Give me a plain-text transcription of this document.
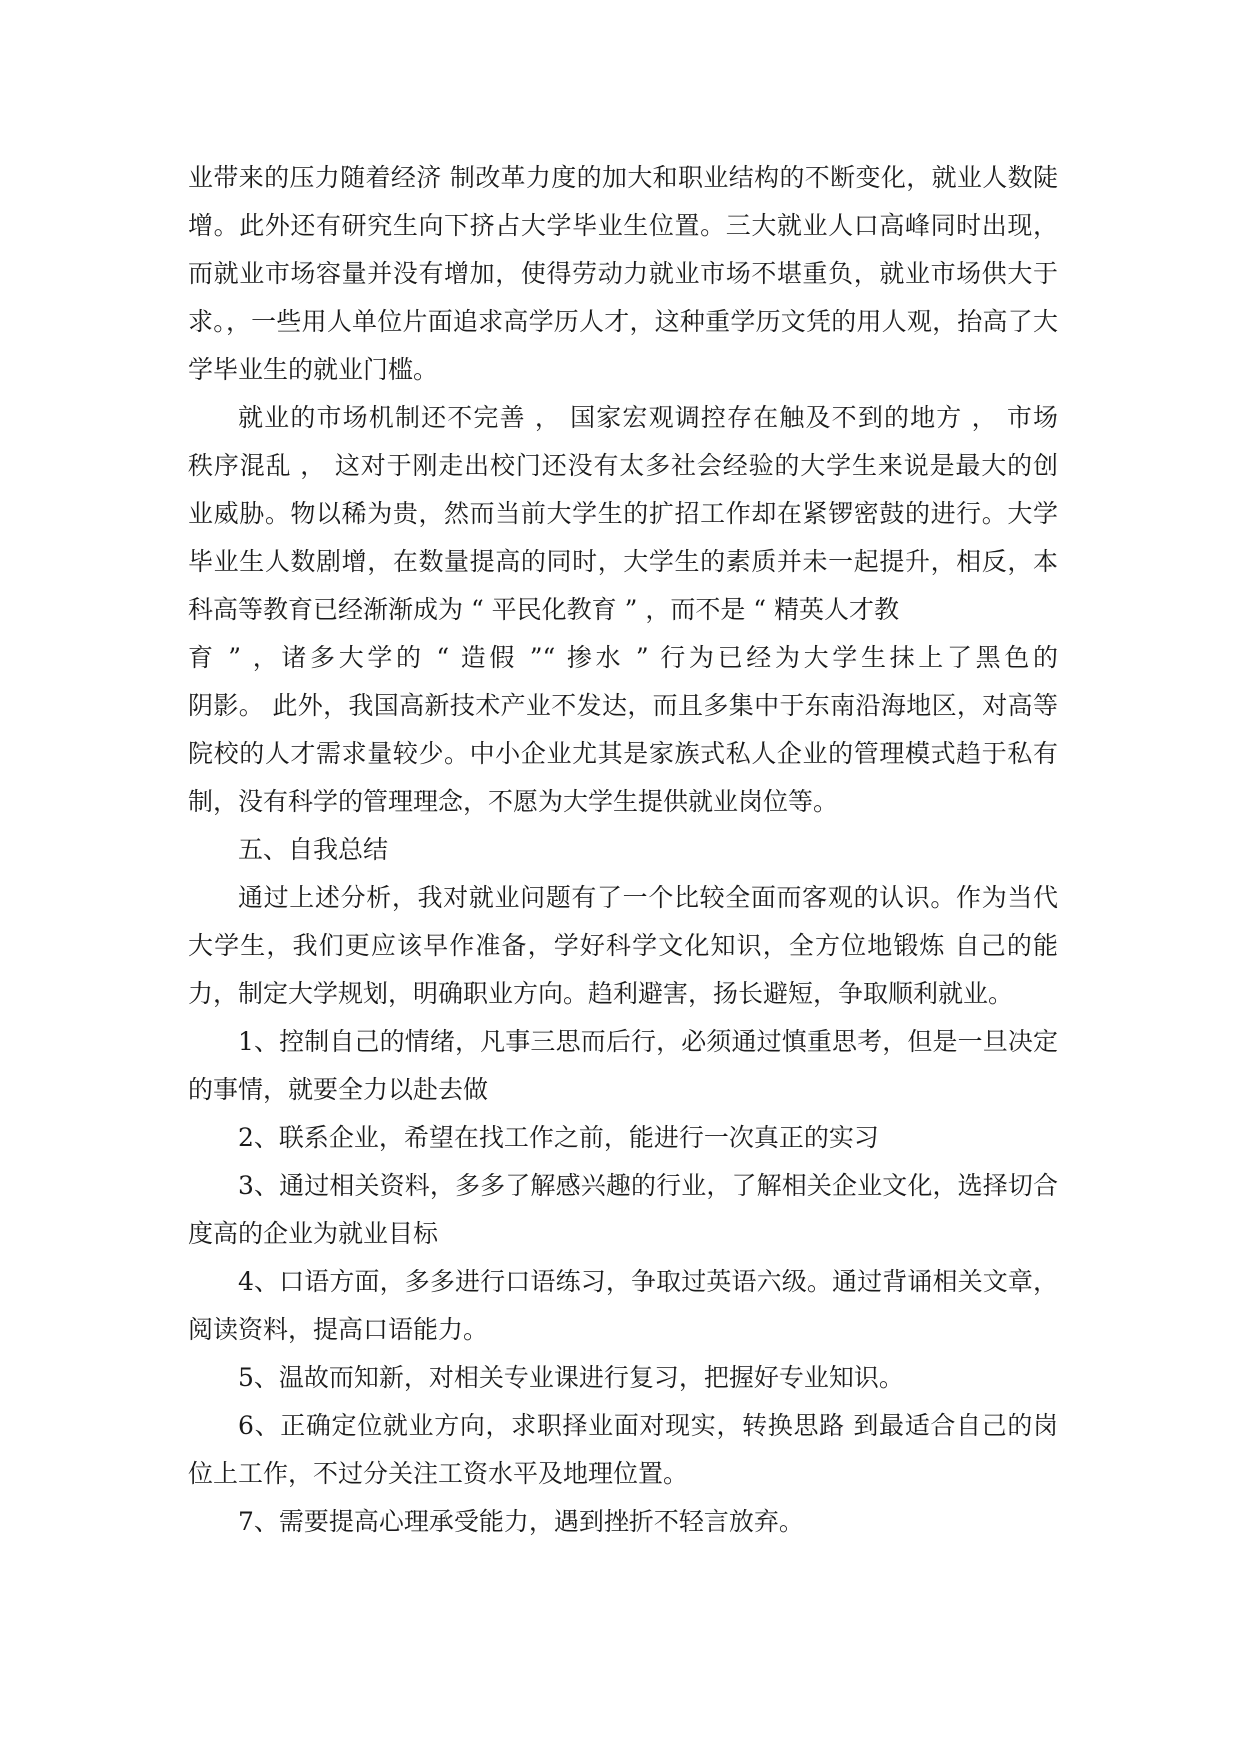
业带来的压力随着经济 制改革力度的加大和职业结构的不断变化，就业人数陡
增。此外还有研究生向下挤占大学毕业生位置。三大就业人口高峰同时出现，
而就业市场容量并没有增加，使得劳动力就业市场不堪重负，就业市场供大于
求。，一些用人单位片面追求高学历人才，这种重学历文凭的用人观，抬高了大
学毕业生的就业门槛。
就业的市场机制还不完善 ， 国家宏观调控存在触及不到的地方 ， 市场
秩序混乱 ， 这对于刚走出校门还没有太多社会经验的大学生来说是最大的创
业威胁。物以稀为贵，然而当前大学生的扩招工作却在紧锣密鼓的进行。大学
毕业生人数剧增，在数量提高的同时，大学生的素质并未一起提升，相反，本
科高等教育已经渐渐成为 “ 平民化教育 ” ，而不是 “ 精英人才教
育 ” ，诸多大学的 “ 造假 ”“ 掺水 ” 行为已经为大学生抹上了黑色的
阴影。 此外，我国高新技术产业不发达，而且多集中于东南沿海地区，对高等
院校的人才需求量较少。中小企业尤其是家族式私人企业的管理模式趋于私有
制，没有科学的管理理念，不愿为大学生提供就业岗位等。
五、自我总结
通过上述分析，我对就业问题有了一个比较全面而客观的认识。作为当代
大学生，我们更应该早作准备，学好科学文化知识，全方位地锻炼 自己的能
力，制定大学规划，明确职业方向。趋利避害，扬长避短，争取顺利就业。
1、控制自己的情绪，凡事三思而后行，必须通过慎重思考，但是一旦决定
的事情，就要全力以赴去做
2、联系企业，希望在找工作之前，能进行一次真正的实习
3、通过相关资料，多多了解感兴趣的行业，了解相关企业文化，选择切合
度高的企业为就业目标
4、口语方面，多多进行口语练习，争取过英语六级。通过背诵相关文章，
阅读资料，提高口语能力。
5、温故而知新，对相关专业课进行复习，把握好专业知识。
6、正确定位就业方向，求职择业面对现实，转换思路 到最适合自己的岗
位上工作，不过分关注工资水平及地理位置。
7、需要提高心理承受能力，遇到挫折不轻言放弃。
